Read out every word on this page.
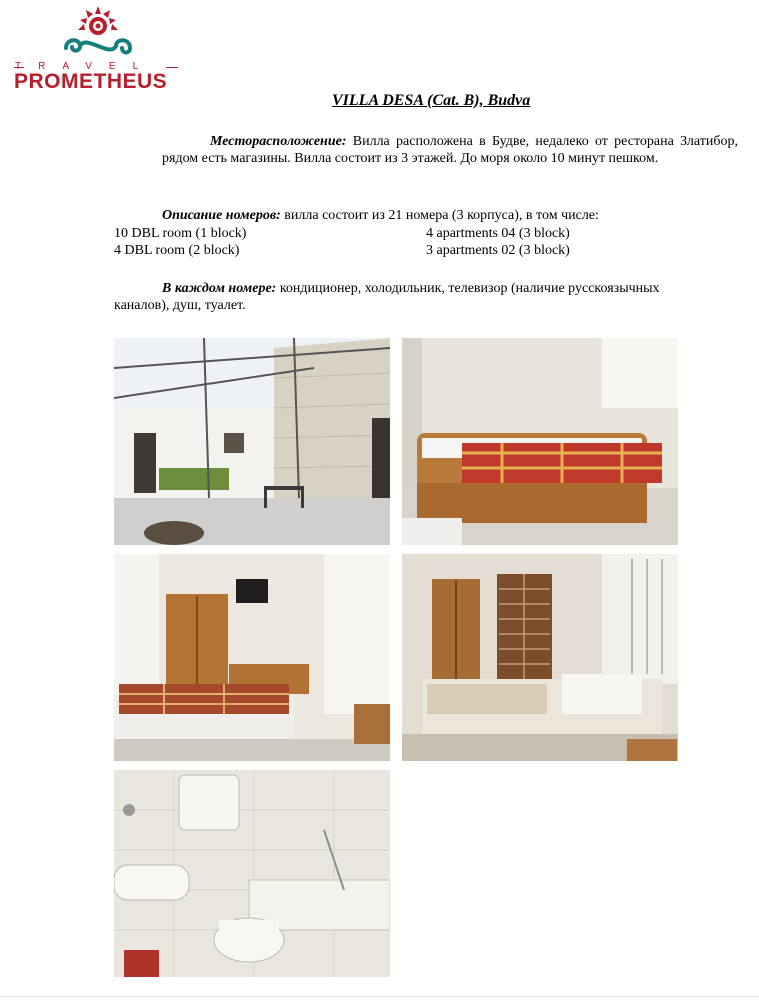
TRAVEL
PROMETHEUS
VILLA DESA (Cat. B), Budva
Месторасположение: Вилла расположена в Будве, недалеко от ресторана Златибор, рядом есть магазины. Вилла состоит из 3 этажей. До моря около 10 минут пешком.
Описание номеров: вилла состоит из 21 номера (3 корпуса), в том числе:
10 DBL room (1 block)	4 apartments 04 (3 block)
4 DBL room (2 block)	3 apartments 02 (3 block)
В каждом номере: кондиционер, холодильник, телевизор (наличие русскоязычных каналов), душ, туалет.
